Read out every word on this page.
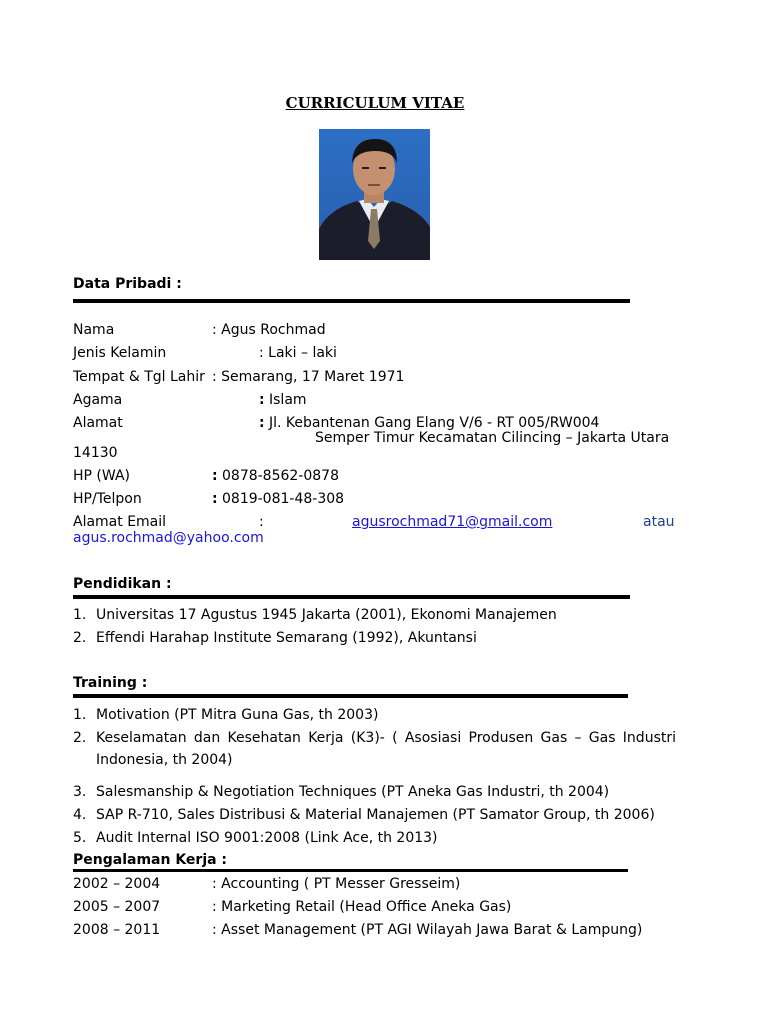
CURRICULUM VITAE
Data Pribadi :
Nama	: Agus Rochmad
Jenis Kelamin	: Laki – laki
Tempat & Tgl Lahir : Semarang, 17 Maret 1971
Agama	: Islam
Alamat	: Jl. Kebantenan Gang Elang V/6 - RT 005/RW004
Semper Timur Kecamatan Cilincing – Jakarta Utara
14130
HP (WA)	: 0878-8562-0878
HP/Telpon	: 0819-081-48-308
Alamat Email	:	agusrochmad71@gmail.com	atau
agus.rochmad@yahoo.com
Pendidikan :
1. Universitas 17 Agustus 1945 Jakarta (2001), Ekonomi Manajemen
2. Effendi Harahap Institute Semarang (1992), Akuntansi
Training :
1. Motivation (PT Mitra Guna Gas, th 2003)
2. Keselamatan dan Kesehatan Kerja (K3)- ( Asosiasi Produsen Gas – Gas Industri Indonesia, th 2004)
3. Salesmanship & Negotiation Techniques (PT Aneka Gas Industri, th 2004)
4. SAP R-710, Sales Distribusi & Material Manajemen (PT Samator Group, th 2006)
5. Audit Internal ISO 9001:2008 (Link Ace, th 2013)
Pengalaman Kerja :
2002 – 2004	: Accounting ( PT Messer Gresseim)
2005 – 2007	: Marketing Retail (Head Office Aneka Gas)
2008 – 2011	: Asset Management (PT AGI Wilayah Jawa Barat & Lampung)
